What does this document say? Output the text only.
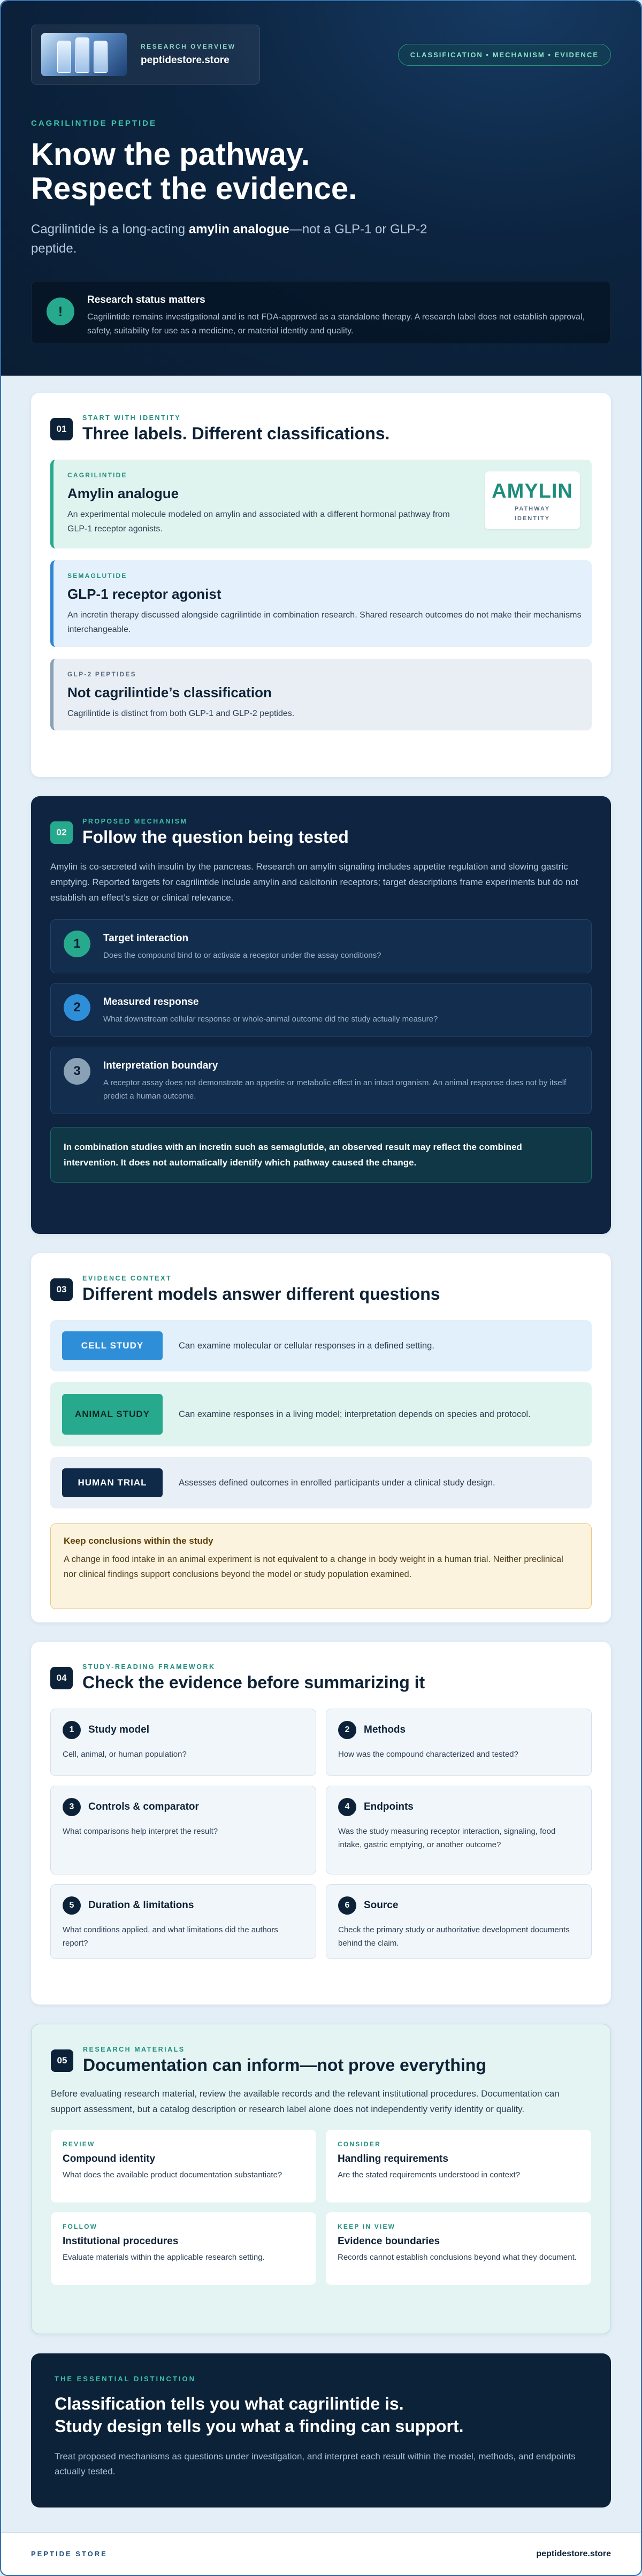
RESEARCH OVERVIEW
peptidestore.store	CLASSIFICATION • MECHANISM • EVIDENCE
CAGRILINTIDE PEPTIDE
Know the pathway.
Respect the evidence.
Cagrilintide is a long-acting amylin analogue—not a GLP-1 or GLP-2 peptide.
!
Research status matters
Cagrilintide remains investigational and is not FDA-approved as a standalone therapy. A research label does not establish approval, safety, suitability for use as a medicine, or material identity and quality.
01
START WITH IDENTITY
Three labels. Different classifications.
CAGRILINTIDE
Amylin analogue
An experimental molecule modeled on amylin and associated with a different hormonal pathway from GLP-1 receptor agonists.
AMYLIN
PATHWAY
IDENTITY
SEMAGLUTIDE
GLP-1 receptor agonist
An incretin therapy discussed alongside cagrilintide in combination research. Shared research outcomes do not make their mechanisms interchangeable.
GLP-2 PEPTIDES
Not cagrilintide’s classification
Cagrilintide is distinct from both GLP-1 and GLP-2 peptides.
02
PROPOSED MECHANISM
Follow the question being tested
Amylin is co-secreted with insulin by the pancreas. Research on amylin signaling includes appetite regulation and slowing gastric emptying. Reported targets for cagrilintide include amylin and calcitonin receptors; target descriptions frame experiments but do not establish an effect’s size or clinical relevance.
1	Target interaction
Does the compound bind to or activate a receptor under the assay conditions?
2	Measured response
What downstream cellular response or whole-animal outcome did the study actually measure?
3	Interpretation boundary
A receptor assay does not demonstrate an appetite or metabolic effect in an intact organism. An animal response does not by itself predict a human outcome.
In combination studies with an incretin such as semaglutide, an observed result may reflect the combined intervention. It does not automatically identify which pathway caused the change.
03
EVIDENCE CONTEXT
Different models answer different questions
CELL STUDY	Can examine molecular or cellular responses in a defined setting.
ANIMAL STUDY	Can examine responses in a living model; interpretation depends on species and protocol.
HUMAN TRIAL	Assesses defined outcomes in enrolled participants under a clinical study design.
Keep conclusions within the study
A change in food intake in an animal experiment is not equivalent to a change in body weight in a human trial. Neither preclinical nor clinical findings support conclusions beyond the model or study population examined.
04
STUDY-READING FRAMEWORK
Check the evidence before summarizing it
1	Study model
Cell, animal, or human population?
2	Methods
How was the compound characterized and tested?
3	Controls & comparator
What comparisons help interpret the result?
4	Endpoints
Was the study measuring receptor interaction, signaling, food intake, gastric emptying, or another outcome?
5	Duration & limitations
What conditions applied, and what limitations did the authors report?
6	Source
Check the primary study or authoritative development documents behind the claim.
05
RESEARCH MATERIALS
Documentation can inform—not prove everything
Before evaluating research material, review the available records and the relevant institutional procedures. Documentation can support assessment, but a catalog description or research label alone does not independently verify identity or quality.
REVIEW
Compound identity
What does the available product documentation substantiate?
CONSIDER
Handling requirements
Are the stated requirements understood in context?
FOLLOW
Institutional procedures
Evaluate materials within the applicable research setting.
KEEP IN VIEW
Evidence boundaries
Records cannot establish conclusions beyond what they document.
THE ESSENTIAL DISTINCTION
Classification tells you what cagrilintide is.
Study design tells you what a finding can support.
Treat proposed mechanisms as questions under investigation, and interpret each result within the model, methods, and endpoints actually tested.
PEPTIDE STORE	peptidestore.store
